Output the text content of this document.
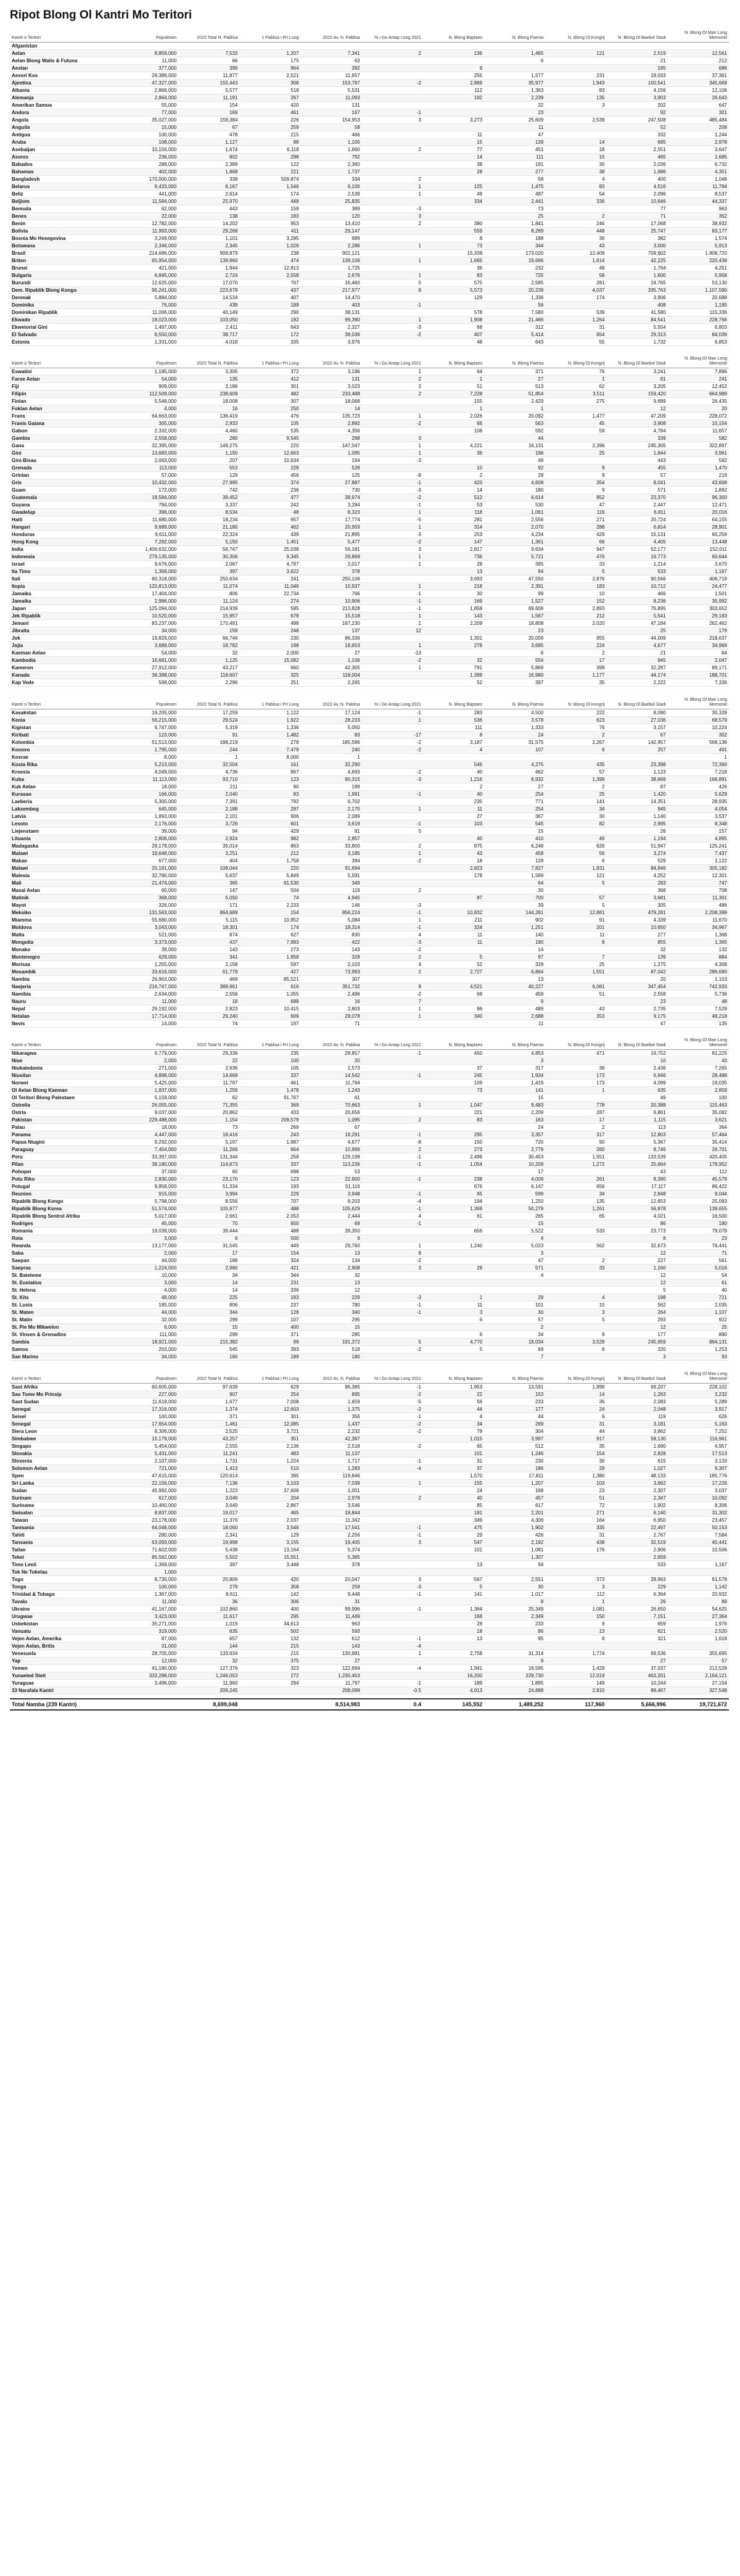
Ripot Blong Ol Kantri Mo Teritori
Kantri o Teritori	Populesen	2022 Total N. Pablisa	1 Pablisa i Pri Long	2022 Av. N. Pablisa	% i Go Antap Long 2021	N. Blong Baptaes	N. Blong Paenia	N. Blong Ol Kongrij	N. Blong Ol Baebol Stadi	N. Blong Ol Man Long Memoriel
Afganistan										
Aelan	8,859,000	7,533	1,207	7,341	2	136	1,465	121	2,519	12,561
Aelan Blong Walis & Futuna	11,000	66	175	63			6		21	212
Aeslan	377,000	399	964	392		9			185	686
Aevori Kos	29,389,000	11,877	2,521	11,657		255	1,577	231	19,033	37,361
Ajentina	47,327,000	155,443	308	153,787	-2	2,869	35,977	1,943	100,541	345,669
Albania	2,866,000	5,577	518	5,531		112	1,363	83	4,156	12,106
Alemanja	2,864,000	11,191	267	11,093		192	2,239	135	3,903	26,643
Amerikan Samoa	55,000	154	420	131			32	3	202	647
Andora	77,000	169	461	167	-1		23		92	301
Angola	35,027,000	159,384	226	154,953	3	3,273	25,609	2,539	247,508	485,484
Anguila	15,000	67	259	58			11		52	208
Antigua	100,000	478	215	466		11	47		332	1,244
Aruba	108,000	1,127	98	1,100		15	139	14	695	2,978
Asebaijan	10,156,000	1,674	6,118	1,660	2	77	451	18	2,551	3,647
Asores	236,000	802	298	792		14	111	15	465	1,685
Babados	288,000	2,389	122	2,360		38	191	30	2,036	6,732
Bahamas	402,000	1,868	221	1,737		28	277	38	1,686	4,351
Bangladesh	170,000,000	338	509,874	334	2		58	4	400	1,048
Belarus	9,433,000	6,167	1,546	6,100	1	125	1,475	83	4,516	11,784
Beliz	441,000	2,614	174	2,539	1	49	487	54	2,096	8,537
Beljiom	11,584,000	25,970	448	25,835		334	2,441	336	10,646	44,337
Bemuda	62,000	443	159	389	-3		73		77	963
Benes	22,000	138	183	120	3		25	2	71	352
Benin	12,782,000	14,202	953	13,410	2	380	1,841	246	17,068	38,932
Bolivia	11,993,000	29,268	411	29,147		559	8,269	448	25,747	83,177
Bosnia Mo Hesegovina	3,249,000	1,101	3,285	989		8	188	36	382	1,574
Botswana	2,346,000	2,345	1,026	2,286	1	73	344	43	3,000	5,913
Brasil	214,686,000	909,879	238	902,121		15,338	173,020	12,409	709,902	1,808,720
Briten	65,954,000	139,960	474	139,106	1	1,665	19,696	1,614	42,225	220,438
Brunei	421,000	1,944	12,813	1,725		36	232	48	1,764	4,251
Bulgaria	6,845,000	2,724	2,558	2,676	1	83	725	58	1,600	5,958
Burundi	12,625,000	17,070	767	16,460	5	575	2,585	281	24,765	53,130
Dem. Ripablik Blong Kongo	95,241,000	223,678	437	217,977	8	5,573	20,239	4,037	335,763	1,107,590
Denmak	5,884,000	14,534	407	14,470		129	1,336	174	3,906	20,688
Dominika	76,000	439	189	403	-1		56		408	1,195
Dominikan Ripablik	11,006,000	40,149	290	38,131		578	7,580	539	41,580	115,336
Ekwado	18,023,000	103,050	182	99,390	1	1,908	21,466	1,264	84,541	228,766
Ekwetorial Gini	1,497,000	2,411	643	2,327	-3	68	312	31	5,554	6,803
El Salvado	6,550,000	38,717	172	38,036	-2	407	5,414	654	29,313	84,039
Estonia	1,331,000	4,018	335	3,976		48	643	55	1,732	6,853
Kantri o Teritori	Populesen	2022 Total N. Pablisa	1 Pablisa i Pri Long	2022 Av. N. Pablisa	% i Go Antap Long 2021	N. Blong Baptaes	N. Blong Paenia	N. Blong Ol Kongrij	N. Blong Ol Baebol Stadi	N. Blong Ol Man Long Memoriel
Eswatini	1,185,000	3,305	372	3,186	1	64	371	76	3,241	7,896
Faroe Aelan	54,000	135	412	131	2	1	27	1	81	241
Fiji	909,000	3,186	301	3,023	2	51	513	62	3,205	12,452
Filipin	112,509,000	238,609	482	233,488	2	7,228	51,854	3,511	159,420	664,989
Finlan	5,548,000	18,008	307	18,068		155	2,429	275	9,689	26,435
Foklan Aelan	4,000	16	250	14		1	1		12	20
Frans	64,663,000	136,419	476	135,723	1	2,026	20,092	1,477	47,209	228,072
Franis Gaiana	305,000	2,933	105	2,892	-2	66	563	45	3,908	10,154
Gabon	2,332,000	4,460	535	4,356		108	592	59	4,784	11,657
Gambia	2,558,000	280	9,545	268	3		44		339	582
Gana	32,395,000	149,275	220	147,047	1	4,221	16,131	2,396	245,305	322,897
Gini	13,683,000	1,150	12,663	1,095	1	36	196	25	1,844	3,961
Gini-Bisau	2,063,000	207	10,634	194	-3		49		443	592
Grenada	113,000	553	228	528		10	92	9	455	1,470
Grinlan	57,000	129	456	125	-8	2	28	9	57	219
Gris	10,432,000	27,995	374	27,887	-1	420	4,608	354	8,041	43,608
Guam	172,000	742	236	730	-3	14	180	9	571	1,892
Guatemala	18,584,000	39,452	477	38,974	-2	512	6,614	852	23,370	96,300
Guyana	794,000	3,337	242	3,284	-1	53	530	47	2,447	12,471
Gwadelup	396,000	8,534	48	8,323	1	118	1,061	116	6,811	20,016
Haiti	11,680,000	18,234	657	17,774	-5	281	2,556	271	20,724	64,155
Hangari	9,689,000	21,180	462	20,959	1	314	2,070	288	6,814	28,901
Honduras	9,611,000	22,324	439	21,895	-3	253	4,234	429	15,131	60,259
Hong Kong	7,292,000	5,150	1,451	5,477	-2	147	1,361	66	4,405	13,448
India	1,406,632,000	56,747	25,038	56,181	3	2,817	9,634	947	52,177	152,011
Indonesia	279,135,000	30,306	9,345	29,869	1	736	5,721	476	19,773	60,644
Israel	9,676,000	2,067	4,797	2,017	1	28	395	33	1,214	3,670
Ita Timo	1,369,000	397	3,622	378		13	94	5	533	1,167
Itali	60,318,000	250,634	241	250,106		3,693	47,550	2,876	90,566	406,719
Itopia	120,813,000	11,074	11,046	10,937	1	218	2,391	183	10,712	24,477
Jamaika	17,404,000	806	22,734	766	-1	30	99	10	466	1,501
Jamaika	2,986,000	11,124	274	10,906	-1	169	1,527	152	8,236	35,992
Japan	125,094,000	214,939	585	213,828	-1	1,858	69,606	2,893	76,895	303,652
Jek Ripablik	10,520,000	15,957	678	15,518	1	143	1,567	212	5,541	29,183
Jemani	83,237,000	170,491	498	167,230	1	2,209	18,808	2,020	47,184	262,462
Jibralta	34,000	159	248	137	12		23		25	179
Jok	19,829,000	66,746	230	86,336		1,301	20,009	955	44,009	218,637
Jojia	3,689,000	18,782	198	18,653	1	278	3,695	224	4,677	34,969
Kaeman Aelan	54,000	32	2,000	27	-13		6	2	21	64
Kambodia	16,681,000	1,125	15,082	1,106	-2	32	554	17	945	2,047
Kameron	27,912,000	43,217	660	42,305	1	791	5,869	399	32,287	89,171
Kanada	38,388,000	118,607	325	118,004		1,399	16,980	1,177	44,174	188,701
Kap Vede	568,000	2,296	251	2,265		52	397	35	2,222	7,336
Kantri o Teritori	Populesen	2022 Total N. Pablisa	1 Pablisa i Pri Long	2022 Av. N. Pablisa	% i Go Antap Long 2021	N. Blong Baptaes	N. Blong Paenia	N. Blong Ol Kongrij	N. Blong Ol Baebol Stadi	N. Blong Ol Man Long Memoriel
Kasakstan	19,205,000	17,259	1,122	17,124	-1	283	4,500	222	8,090	30,328
Kenia	56,215,000	29,524	1,922	28,233	1	536	3,578	623	27,036	68,579
Kigistan	6,747,000	5,319	1,336	5,050		111	1,333	76	3,157	10,224
Kiribati	123,000	91	1,482	83	-17	8	24	2	67	302
Kolombia	51,513,000	188,219	278	185,586	-2	3,187	31,575	2,267	142,957	568,136
Kosovo	1,795,000	244	7,479	240	-2	4	107	6	257	491
Kosrae	8,000	1	8,000	1						1
Kosta Rika	5,213,000	32,504	161	32,290		546	4,275	435	23,398	72,360
Kroesia	4,049,000	4,736	867	4,693	-2	40	462	57	1,123	7,218
Kuba	11,113,000	93,710	123	90,315	-3	1,216	8,932	1,399	38,669	166,891
Kuk Aelan	18,000	211	90	199		2	27	2	87	426
Kurasao	166,000	2,040	83	1,991	-1	40	254	25	1,420	5,629
Laeberia	5,305,000	7,391	792	6,702		235	771	141	14,351	28,935
Laksembeg	645,000	2,188	297	2,170	1	11	254	34	945	4,054
Latvia	1,893,000	2,101	906	2,089		27	367	30	1,140	3,537
Lesoto	2,176,000	3,729	601	3,619	-1	103	545	82	2,995	8,348
Liejenstaen	39,000	94	429	91	5		15		26	157
Lituania	2,806,000	2,924	982	2,857		40	410	49	1,194	4,895
Madagaska	29,178,000	35,014	863	33,800	2	975	6,248	626	51,947	125,241
Malawi	19,648,000	3,251	212	3,185	1	43	458	56	3,274	7,437
Makao	677,000	404	1,758	394	-2	18	128	6	529	1,122
Malawi	20,181,000	108,044	220	91,694		2,823	7,827	1,831	84,846	305,182
Malesia	32,780,000	5,637	5,849	5,591		178	1,569	121	4,252	12,301
Mali	21,474,000	365	61,530	349			64	5	283	747
Masal Aelan	60,000	147	504	119	2		30		368	708
Matinik	368,000	5,050	74	4,945		87	700	57	3,681	11,301
Mayot	326,000	171	2,233	146	-3		39	5	305	486
Meksiko	131,563,000	864,689	154	856,224	-1	10,832	144,281	12,881	479,281	2,208,399
Miamma	55,680,000	5,115	10,952	5,084	1	211	902	91	4,339	11,670
Moldova	3,043,000	18,301	174	18,314	-1	324	1,251	201	10,650	34,967
Malta	521,000	874	627	830	4	11	140	11	277	1,368
Mongolia	3,373,000	437	7,993	422	-3	11	190	8	855	1,365
Monako	39,000	143	273	143	-2		14		32	132
Montenegro	629,000	341	1,958	328	2	5	97	7	139	884
Morisas	1,255,000	2,158	597	2,103	4	52	328	25	1,275	4,308
Mosambik	33,616,000	61,779	427	73,993	2	2,727	6,864	1,551	87,042	286,690
Nambia	26,963,000	469	85,521	307			13		20	1,103
Naejeria	216,747,000	389,961	616	351,732	8	4,521	40,227	6,081	347,454	742,933
Namibia	2,634,000	2,558	1,055	2,496	-2	68	459	51	2,558	5,736
Nauru	11,000	18	688	16	7		9		23	48
Nepal	29,192,000	2,823	10,415	2,803	1	96	489	43	2,735	7,529
Netalan	17,714,000	29,240	609	29,078	1	340	2,688	353	9,175	49,218
Nevis	14,000	74	197	71			11		47	135
Kantri o Teritori	Populesen	2022 Total N. Pablisa	1 Pablisa i Pri Long	2022 Av. N. Pablisa	% i Go Antap Long 2021	N. Blong Baptaes	N. Blong Paenia	N. Blong Ol Kongrij	N. Blong Ol Baebol Stadi	N. Blong Ol Man Long Memoriel
Nikaragwa	6,779,000	29,336	235	28,857	-1	450	4,853	471	19,752	81,225
Niue	2,000	22	100	20			3		10	43
Niukaledonia	271,000	2,636	105	2,573		37	317	36	2,436	7,265
Niusilan	4,898,000	14,669	337	14,542	-1	245	1,934	173	6,946	28,488
Norwei	5,425,000	11,797	461	11,794		109	1,419	173	4,099	19,035
Ol Aelan Blong Kaeman	1,837,000	1,259	1,478	1,243		73	141	1	635	2,859
Ol Teritori Blong Palestaen	5,159,000	62	91,767	61			15		49	100
Ostrelia	26,055,000	71,355	369	70,663	1	1,047	9,483	778	20,388	115,463
Ostria	9,037,000	20,862	433	20,656		221	2,209	287	6,861	35,082
Pakistan	229,488,000	1,154	209,579	1,095	2	83	163	17	1,115	3,621
Palau	18,000	73	269	67			24	2	113	364
Panama	4,447,000	18,416	243	18,291	-1	295	3,357	317	12,803	57,464
Papua Niugini	9,292,000	5,197	1,987	4,677	-8	150	720	90	5,367	35,414
Paraguay	7,454,000	11,266	664	10,996	2	273	2,779	260	8,746	26,701
Peru	33,397,000	131,346	258	129,198	-1	2,499	30,453	1,551	133,539	420,405
Pilan	38,180,000	114,673	337	113,236	-1	1,054	10,209	1,272	25,664	178,952
Pohnpei	37,000	60	698	53			17		43	112
Potu Riko	2,830,000	23,170	123	22,900	-1	238	4,009	261	8,390	45,579
Potugal	9,858,000	51,334	193	51,116		676	6,147	656	17,117	86,422
Reunion	915,000	3,994	229	3,948	-1	65	599	34	2,848	9,044
Ripablik Blong Kongo	5,798,000	8,556	707	8,203	-4	194	1,250	135	12,653	25,093
Ripablik Blong Korea	51,574,000	105,977	488	105,629	-1	1,369	50,279	1,261	56,878	139,655
Ripablik Blong Sentrol Afrika	5,017,000	2,661	2,053	2,444	4	61	265	65	4,021	16,500
Rodriges	45,000	70	650	69	-1		15		86	180
Romania	19,039,000	39,444	488	39,350		656	5,522	533	23,773	79,078
Rota	3,000	6	500	6			4		8	23
Rwanda	13,177,000	31,545	449	29,760	1	1,240	5,023	562	32,673	76,441
Saba	2,000	17	154	13	8		3		12	71
Saepan	44,000	188	324	134	-2		47	2	227	561
Saepras	1,224,000	2,960	421	2,908	3	28	571	33	1,160	5,016
St. Bateleme	10,000	34	344	32			4		12	54
St. Eustatius	3,000	14	231	13					12	61
St. Helena	4,000	14	336	12					5	40
St. Kits	48,000	225	183	229	-3	1	29	4	198	721
St. Lusia	185,000	806	237	780	-1	11	101	10	562	2,035
St. Maten	44,000	344	128	340	-1	3	30	3	264	1,107
St. Matin	32,000	299	107	295		6	57	5	293	922
St. Pie Mo Mikwelon	6,000	15	400	15			2		12	25
St. Vinsen & Grenadins	111,000	299	371	285		6	34	8	177	890
Sambia	18,921,000	215,382	99	191,372	5	4,770	18,034	3,529	245,959	864,131
Samoa	203,000	545	393	518	-2	5	69	8	320	1,253
San Marino	34,000	180	189	180			7		3	93
Kantri o Teritori	Populesen	2022 Total N. Pablisa	1 Pablisa i Pri Long	2022 Av. N. Pablisa	% i Go Antap Long 2021	N. Blong Baptaes	N. Blong Paenia	N. Blong Ol Kongrij	N. Blong Ol Baebol Stadi	N. Blong Ol Man Long Memoriel
Saot Afrika	60,605,000	97,639	629	96,385	-1	1,953	13,591	1,999	69,207	228,102
Sao Tome Mo Prinsip	227,000	907	254	895	-2	22	153	14	1,263	3,232
Saot Sudan	11,619,000	1,677	7,008	1,659	-5	56	233	36	2,083	5,289
Senegal	17,316,000	1,374	12,603	1,375	-2	44	177	24	2,048	3,917
Seisel	100,000	371	301	356	-1	4	44	6	119	626
Senegal	17,654,000	1,461	12,085	1,437	-2	34	269	31	3,181	5,163
Siera Leon	8,306,000	2,525	3,721	2,232	-2	79	304	44	3,862	7,252
Simbabwe	15,179,000	43,257	351	42,387		1,015	3,997	917	58,130	116,961
Singapo	5,454,000	2,555	2,136	2,518	-2	65	512	35	1,690	4,957
Slovakia	5,431,000	11,241	483	11,137		101	1,246	154	2,828	17,513
Slovenia	2,107,000	1,731	1,224	1,717	-1	31	230	30	615	3,133
Solomon Aelan	721,000	1,413	510	1,283	-4	37	186	29	1,027	9,307
Spen	47,615,000	120,614	395	119,846		1,570	17,811	1,380	48,133	185,776
Sri Lanka	22,156,000	7,136	3,103	7,039	1	155	1,207	103	3,662	17,226
Sudan	45,992,000	1,223	37,606	1,051		24	168	23	2,307	3,037
Surinam	617,000	3,049	204	2,978	2	40	457	51	2,347	10,092
Suriname	10,460,000	3,649	2,867	3,546		85	617	72	1,902	8,306
Swisalan	8,837,000	19,017	465	18,844		181	2,201	271	6,140	31,302
Taiwan	23,178,000	11,376	2,037	11,342		349	4,306	164	6,950	23,457
Tanisania	64,046,000	18,060	3,546	17,541	-1	475	1,902	335	22,497	50,153
Tahiti	280,000	2,341	129	2,256	-1	29	426	31	2,767	7,584
Tansania	63,093,000	19,998	3,155	19,405	3	547	2,192	438	32,519	40,441
Tailan	71,602,000	5,438	13,164	5,374		101	1,081	176	2,906	10,506
Tekei	85,562,000	5,502	15,551	5,385			1,307		2,659	
Timo Lesti	1,369,000	397	3,448	378		13	94		533	1,167
Tok Ne Tokelau	1,000									
Togo	8,730,000	20,806	420	20,047	3	567	2,551	373	28,963	61,578
Tonga	100,000	279	358	259	-3	5	30	3	229	1,142
Trinidad & Tobago	1,367,000	9,611	142	9,448	-1	141	1,017	112	6,364	20,932
Tuvalu	11,000	36	306	31			8	1	26	89
Ukraine	41,167,000	102,860	400	99,996	-1	1,364	25,349	1,081	26,650	54,625
Urugwae	3,423,000	11,617	295	11,449		168	2,349	150	7,151	27,364
Usbekistan	35,271,000	1,019	34,613	963		28	233	9	659	1,976
Vanuatu	319,000	635	502	593		18	86	13	621	2,520
Vejen Aelan, Amerika	87,000	657	132	612	-1	13	95	8	321	1,618
Vejen Aelan, Britis	31,000	144	215	143	-4					
Venesuela	28,705,000	133,634	215	130,981	1	2,758	31,314	1,774	69,536	355,695
Yap	12,000	32	375	27			9		27	57
Yemen	41,180,000	127,376	323	122,694	-4	1,941	18,595	1,429	37,037	212,528
Yunaeted Steit	333,288,000	1,246,053	272	1,230,453		16,200	229,730	12,019	463,201	2,164,121
Yuraguae	3,496,000	11,960	294	11,797	-1	189	1,895	149	10,244	27,154
33 Narafala Kantri		209,245		208,099	-0.5	4,913	24,888	2,810	89,467	327,548
Total Namba (239 Kantri)		8,699,048		8,514,983	0.4	145,552	1,489,252	117,960	5,666,996	19,721,672
